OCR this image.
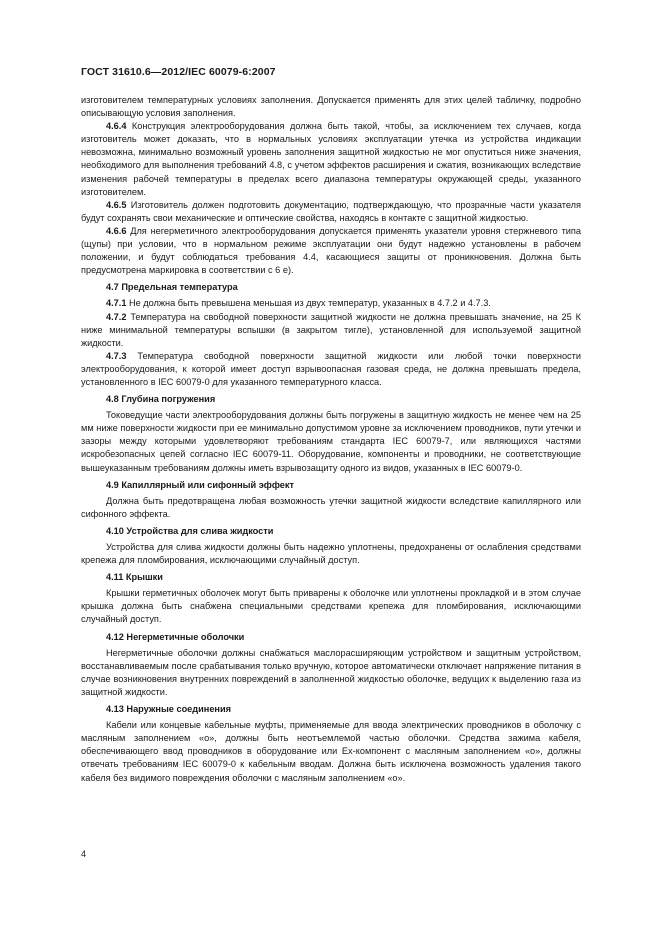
ГОСТ 31610.6—2012/IEC 60079-6:2007

изготовителем температурных условиях заполнения. Допускается применять для этих целей табличку, подробно описывающую условия заполнения.

4.6.4 Конструкция электрооборудования должна быть такой, чтобы, за исключением тех случаев, когда изготовитель может доказать, что в нормальных условиях эксплуатации утечка из устройства индикации невозможна, минимально возможный уровень заполнения защитной жидкостью не мог опуститься ниже значения, необходимого для выполнения требований 4.8, с учетом эффектов расширения и сжатия, возникающих вследствие изменения рабочей температуры в пределах всего диапазона температуры окружающей среды, указанного изготовителем.

4.6.5 Изготовитель должен подготовить документацию, подтверждающую, что прозрачные части указателя будут сохранять свои механические и оптические свойства, находясь в контакте с защитной жидкостью.

4.6.6 Для негерметичного электрооборудования допускается применять указатели уровня стержневого типа (щупы) при условии, что в нормальном режиме эксплуатации они будут надежно установлены в рабочем положении, и будут соблюдаться требования 4.4, касающиеся защиты от проникновения. Должна быть предусмотрена маркировка в соответствии с 6 е).

4.7 Предельная температура

4.7.1 Не должна быть превышена меньшая из двух температур, указанных в 4.7.2 и 4.7.3.

4.7.2 Температура на свободной поверхности защитной жидкости не должна превышать значение, на 25 К ниже минимальной температуры вспышки (в закрытом тигле), установленной для используемой защитной жидкости.

4.7.3 Температура свободной поверхности защитной жидкости или любой точки поверхности электрооборудования, к которой имеет доступ взрывоопасная газовая среда, не должна превышать предела, установленного в IEC 60079-0 для указанного температурного класса.

4.8 Глубина погружения

Токоведущие части электрооборудования должны быть погружены в защитную жидкость не менее чем на 25 мм ниже поверхности жидкости при ее минимально допустимом уровне за исключением проводников, пути утечки и зазоры между которыми удовлетворяют требованиям стандарта IEC 60079-7, или являющихся частями искробезопасных цепей согласно IEC 60079-11. Оборудование, компоненты и проводники, не соответствующие вышеуказанным требованиям должны иметь взрывозащиту одного из видов, указанных в IEC 60079-0.

4.9 Капиллярный или сифонный эффект

Должна быть предотвращена любая возможность утечки защитной жидкости вследствие капиллярного или сифонного эффекта.

4.10 Устройства для слива жидкости

Устройства для слива жидкости должны быть надежно уплотнены, предохранены от ослабления средствами крепежа для пломбирования, исключающими случайный доступ.

4.11 Крышки

Крышки герметичных оболочек могут быть приварены к оболочке или уплотнены прокладкой и в этом случае крышка должна быть снабжена специальными средствами крепежа для пломбирования, исключающими случайный доступ.

4.12 Негерметичные оболочки

Негерметичные оболочки должны снабжаться маслорасширяющим устройством и защитным устройством, восстанавливаемым после срабатывания только вручную, которое автоматически отключает напряжение питания в случае возникновения внутренних повреждений в заполненной жидкостью оболочке, ведущих к выделению газа из защитной жидкости.

4.13 Наружные соединения

Кабели или концевые кабельные муфты, применяемые для ввода электрических проводников в оболочку с масляным заполнением «о», должны быть неотъемлемой частью оболочки. Средства зажима кабеля, обеспечивающего ввод проводников в оборудование или Ex-компонент с масляным заполнением «о», должны отвечать требованиям IEC 60079-0 к кабельным вводам. Должна быть исключена возможность удаления такого кабеля без видимого повреждения оболочки с масляным заполнением «о».

4
